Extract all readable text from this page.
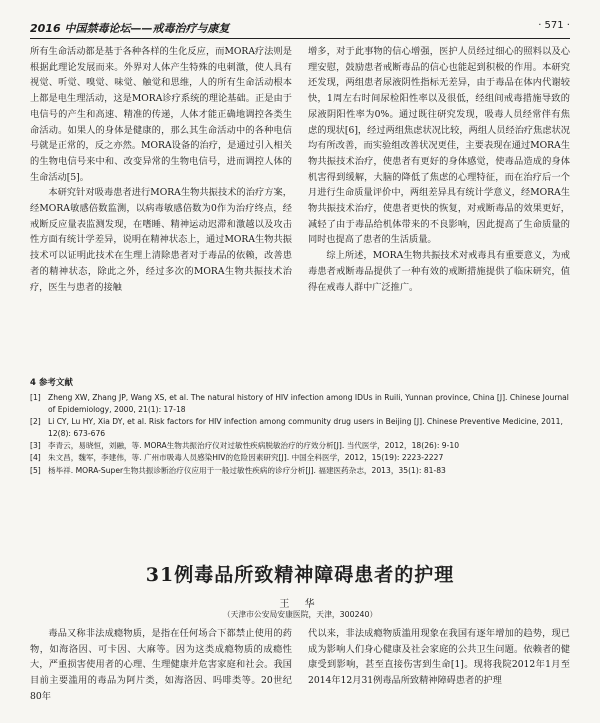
2016 中国禁毒论坛——戒毒治疗与康复	· 571 ·

所有生命活动都是基于各种各样的生化反应，而MORA疗法则是根据此理论发展而来。外界对人体产生特殊的电刺激，使人具有视觉、听觉、嗅觉、味觉、触觉和思维，人的所有生命活动根本上都是电生理活动，这是MORA诊疗系统的理论基础。正是由于电信号的产生和高速、精准的传递，人体才能正确地调控各类生命活动。如果人的身体是健康的，那么其生命活动中的各种电信号就是正常的，反之亦然。MORA设备的治疗，是通过引入相关的生物电信号来中和、改变异常的生物电信号，进而调控人体的生命活动[5]。

本研究针对吸毒患者进行MORA生物共振技术的治疗方案，经MORA敏感倍数监测，以病毒敏感倍数为0作为治疗终点，经戒断反应量表监测发现，在嗜睡、精神运动迟滞和激越以及攻击性方面有统计学差异，说明在精神状态上，通过MORA生物共振技术可以证明此技术在生理上清除患者对于毒品的依赖，改善患者的精神状态，除此之外，经过多次的MORA生物共振技术治疗，医生与患者的接触

增多，对于此事物的信心增强，医护人员经过细心的照料以及心理安慰，鼓励患者戒断毒品的信心也能起到积极的作用。本研究还发现，两组患者尿液阴性指标无差异，由于毒品在体内代谢较快，1周左右时间尿检阳性率以及很低，经组间戒毒措施导致的尿液阴阳性率为0%。通过既往研究发现，吸毒人员经常伴有焦虑的现状[6]，经过两组焦虑状况比较，两组人员经治疗焦虑状况均有所改善，而实验组改善状况更佳，主要表现在通过MORA生物共振技术治疗，使患者有更好的身体感觉，使毒品造成的身体机害得到缓解，大脑的降低了焦虑的心理特征，而在治疗后一个月进行生命质量评价中，两组差异具有统计学意义，经MORA生物共振技术治疗，使患者更快的恢复，对戒断毒品的效果更好，减轻了由于毒品给机体带来的不良影响，因此提高了生命质量的同时也提高了患者的生活质量。

综上所述，MORA生物共振技术对戒毒具有重要意义，为戒毒患者戒断毒品提供了一种有效的戒断措施提供了临床研究，值得在戒毒人群中广泛推广。

4 参考文献
[1] Zheng XW, Zhang JP, Wang XS, et al. The natural history of HIV infection among IDUs in Ruili, Yunnan province, China [J]. Chinese Journal of Epidemiology, 2000, 21(1): 17-18
[2] Li CY, Lu HY, Xia DY, et al. Risk factors for HIV infection among community drug users in Beijing [J]. Chinese Preventive Medicine, 2011, 12(8): 673-676
[3] 李青云，易晓恒，刘融，等. MORA生物共振治疗仪对过敏性疾病脱敏治疗的疗效分析[J]. 当代医学，2012，18(26): 9-10
[4] 朱文昌，魏军，李建伟，等. 广州市吸毒人员感染HIV的危险因素研究[J]. 中国全科医学，2012，15(19): 2223-2227
[5] 杨毕祥. MORA-Super生物共振诊断治疗仪应用于一般过敏性疾病的诊疗分析[J]. 福建医药杂志，2013，35(1): 81-83
31例毒品所致精神障碍患者的护理
王 华
（天津市公安局安康医院，天津，300240）

毒品又称非法成瘾物质，是指在任何场合下都禁止使用的药物，如海洛因、可卡因、大麻等。因为这类成瘾物质的成瘾性大，严重损害使用者的心理、生理健康并危害家庭和社会。我国目前主要滥用的毒品为阿片类，如海洛因、吗啡类等。20世纪80年

代以来，非法成瘾物质滥用现象在我国有逐年增加的趋势，现已成为影响人们身心健康及社会家庭的公共卫生问题。依赖者的健康受到影响，甚至直接伤害到生命[1]。现将我院2012年1月至2014年12月31例毒品所致精神障碍患者的护理
